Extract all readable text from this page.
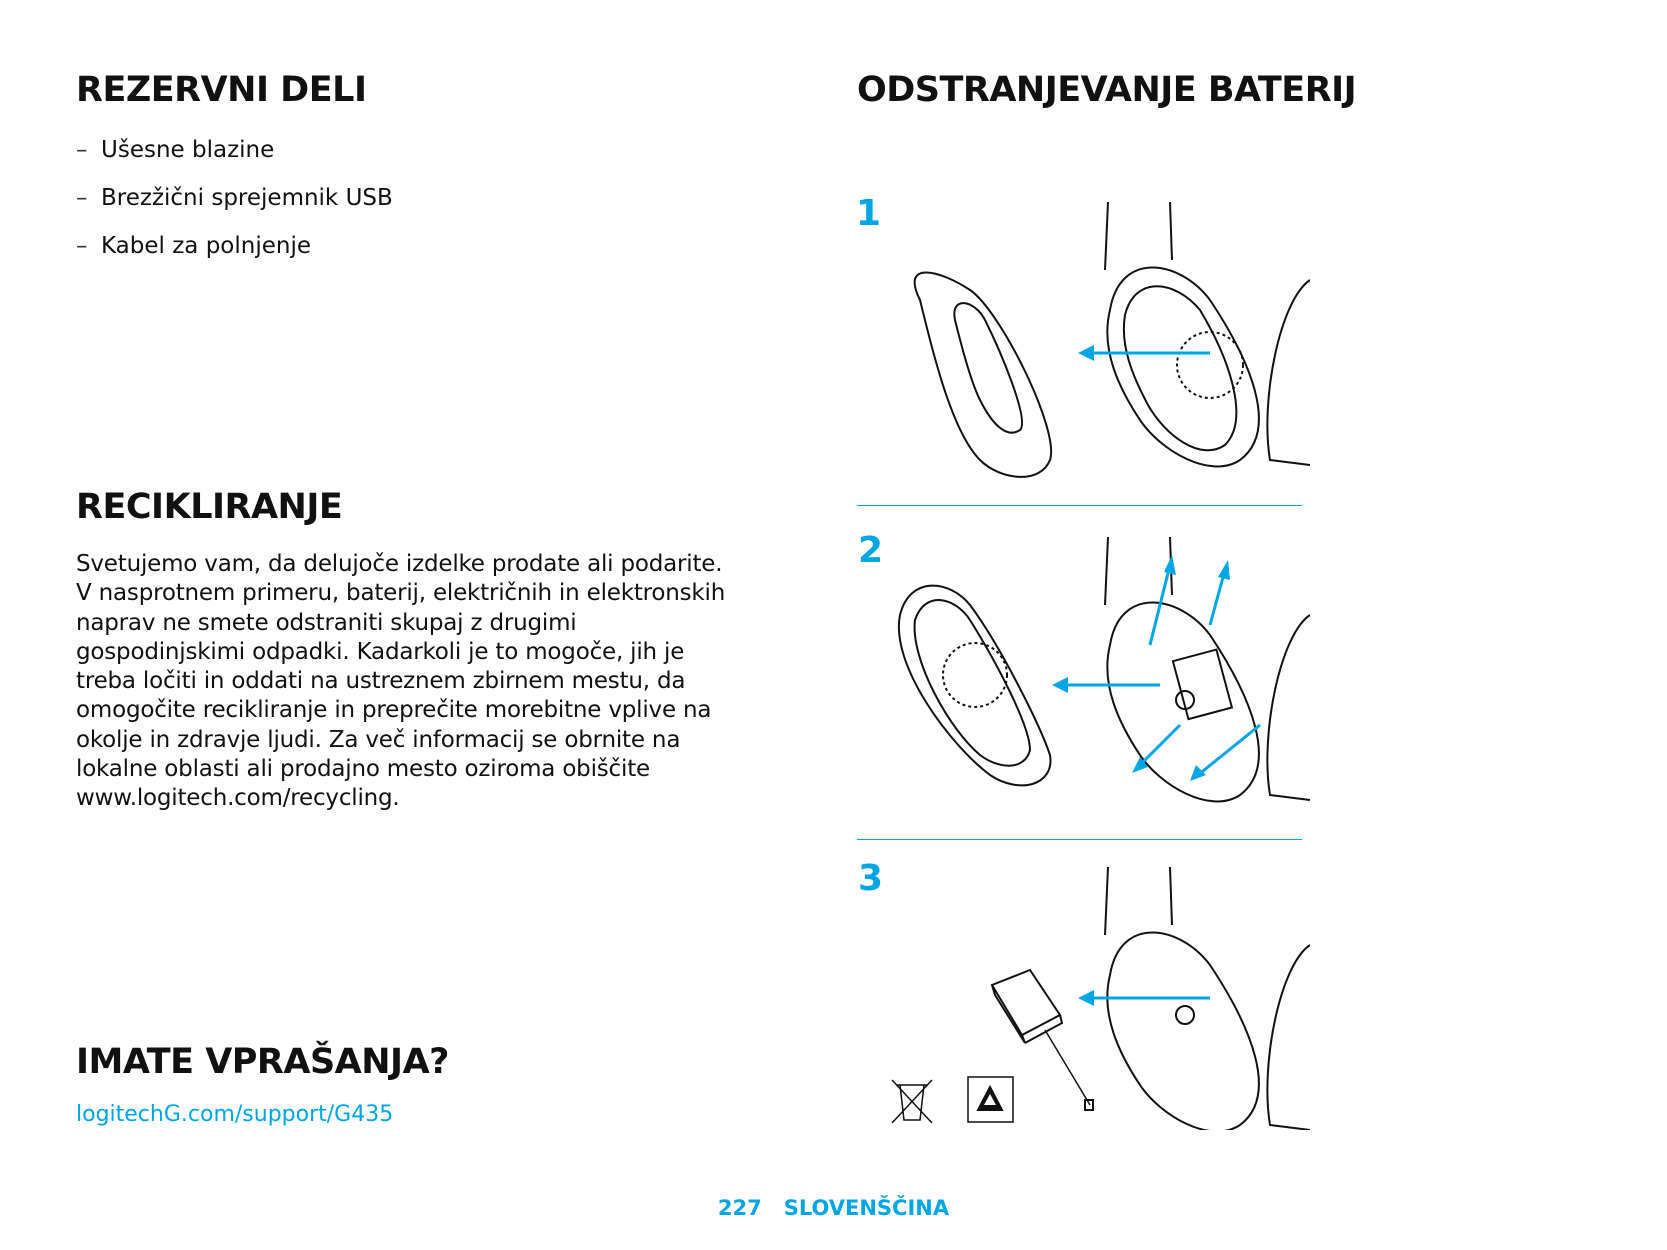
REZERVNI DELI
– Ušesne blazine
– Brezžični sprejemnik USB
– Kabel za polnjenje
RECIKLIRANJE

Svetujemo vam, da delujoče izdelke prodate ali podarite. V nasprotnem primeru, baterij, električnih in elektronskih naprav ne smete odstraniti skupaj z drugimi gospodinjskimi odpadki. Kadarkoli je to mogoče, jih je treba ločiti in oddati na ustreznem zbirnem mestu, da omogočite recikliranje in preprečite morebitne vplive na okolje in zdravje ljudi. Za več informacij se obrnite na lokalne oblasti ali prodajno mesto oziroma obiščite www.logitech.com/recycling.

IMATE VPRAŠANJA?
logitechG.com/support/G435
ODSTRANJEVANJE BATERIJ
1
2
3
227 SLOVENŠČINA
